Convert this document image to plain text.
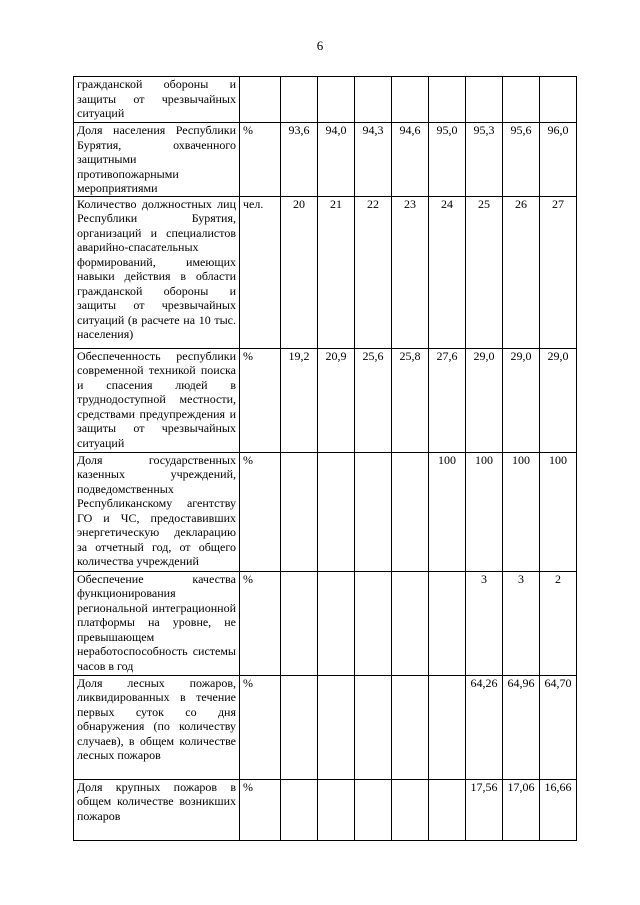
6
гражданской обороны и защиты от чрезвычайных ситуаций									
Доля населения Республики Бурятия, охваченного защитными противопожарными мероприятиями	%	93,6	94,0	94,3	94,6	95,0	95,3	95,6	96,0
Количество должностных лиц Республики Бурятия, организаций и специалистов аварийно-спасательных формирований, имеющих навыки действия в области гражданской обороны и защиты от чрезвычайных ситуаций (в расчете на 10 тыс. населения)	чел.	20	21	22	23	24	25	26	27
Обеспеченность республики современной техникой поиска и спасения людей в труднодоступной местности, средствами предупреждения и защиты от чрезвычайных ситуаций	%	19,2	20,9	25,6	25,8	27,6	29,0	29,0	29,0
Доля государственных казенных учреждений, подведомственных Республиканскому агентству ГО и ЧС, предоставивших энергетическую декларацию за отчетный год, от общего количества учреждений	%					100	100	100	100
Обеспечение качества функционирования региональной интеграционной платформы на уровне, не превышающем неработоспособность системы часов в год	%						3	3	2
Доля лесных пожаров, ликвидированных в течение первых суток со дня обнаружения (по количеству случаев), в общем количестве лесных пожаров	%						64,26	64,96	64,70
Доля крупных пожаров в общем количестве возникших пожаров	%						17,56	17,06	16,66
